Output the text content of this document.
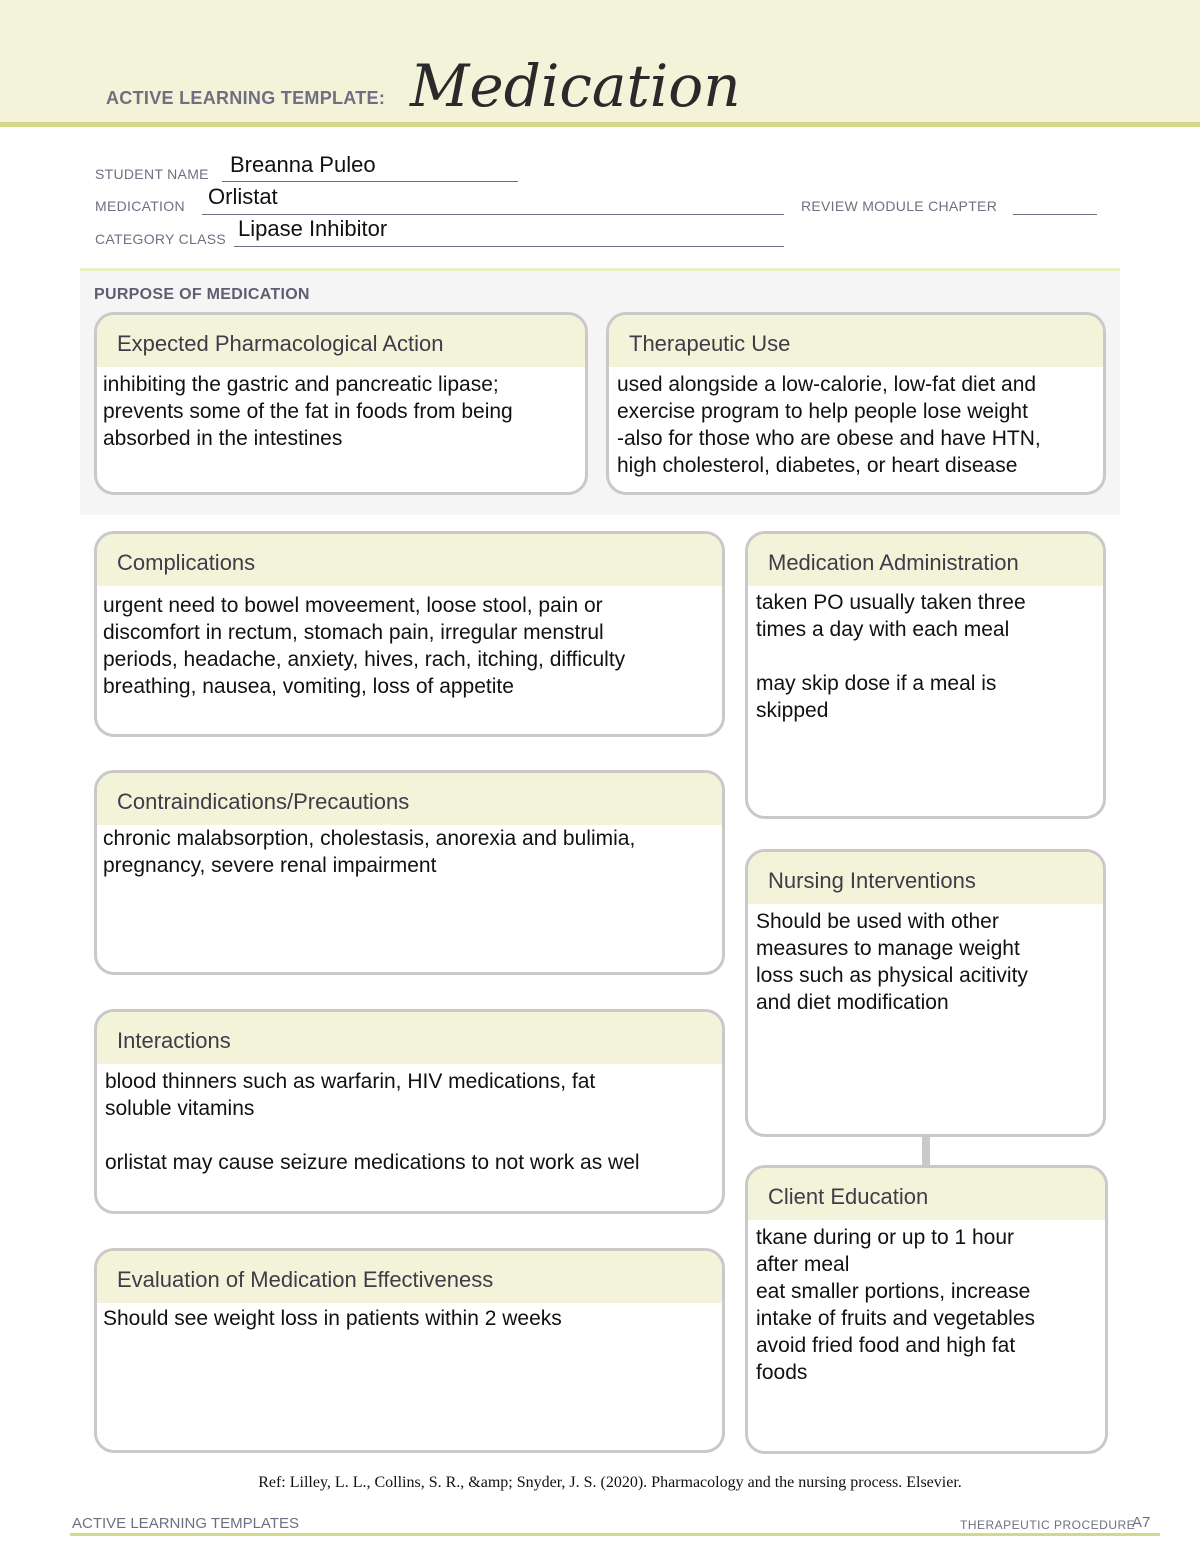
ACTIVE LEARNING TEMPLATE: Medication
STUDENT NAME Breanna Puleo
MEDICATION Orlistat	REVIEW MODULE CHAPTER
CATEGORY CLASS Lipase Inhibitor
PURPOSE OF MEDICATION
Expected Pharmacological Action
inhibiting the gastric and pancreatic lipase;
prevents some of the fat in foods from being
absorbed in the intestines
Therapeutic Use
used alongside a low-calorie, low-fat diet and
exercise program to help people lose weight
-also for those who are obese and have HTN,
high cholesterol, diabetes, or heart disease
Complications
urgent need to bowel moveement, loose stool, pain or
discomfort in rectum, stomach pain, irregular menstrul
periods, headache, anxiety, hives, rach, itching, difficulty
breathing, nausea, vomiting, loss of appetite
Contraindications/Precautions
chronic malabsorption, cholestasis, anorexia and bulimia,
pregnancy, severe renal impairment
Interactions
blood thinners such as warfarin, HIV medications, fat
soluble vitamins

orlistat may cause seizure medications to not work as wel
Evaluation of Medication Effectiveness
Should see weight loss in patients within 2 weeks
Medication Administration
taken PO usually taken three
times a day with each meal

may skip dose if a meal is
skipped
Nursing Interventions
Should be used with other
measures to manage weight
loss such as physical acitivity
and diet modification
Client Education
tkane during or up to 1 hour
after meal
eat smaller portions, increase
intake of fruits and vegetables
avoid fried food and high fat
foods
Ref: Lilley, L. L., Collins, S. R., &amp; Snyder, J. S. (2020). Pharmacology and the nursing process. Elsevier.
ACTIVE LEARNING TEMPLATES	THERAPEUTIC PROCEDURE
A7
